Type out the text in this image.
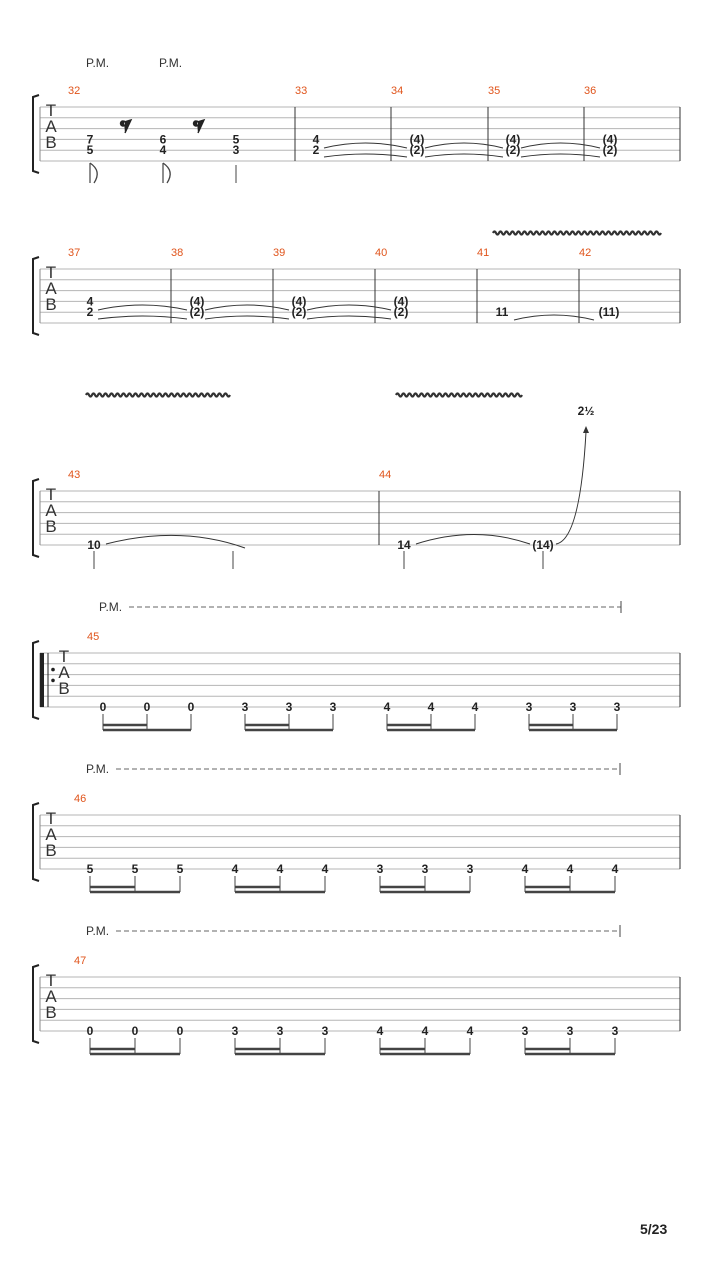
T
A
B
P.M.	P.M.
32
7
5
6
4
5
3
33	34	35	36
4
2
(4)
(2)
(4)
(2)
(4)
(2)
T
A
B
37	38	39	40	41	42
4
2
(4)
(2)
(4)
(2)
(4)
(2)	11	(11)
T
A
B
43	44
10	14	(14)
2½
T
A
B
45
P.M.
0	0	0	3	3	3	4	4	4	3	3	3
T
A
B
46
P.M.
5	5	5	4	4	4	3	3	3	4	4	4
T
A
B
47
P.M.
0	0	0	3	3	3	4	4	4	3	3	3
5/23
